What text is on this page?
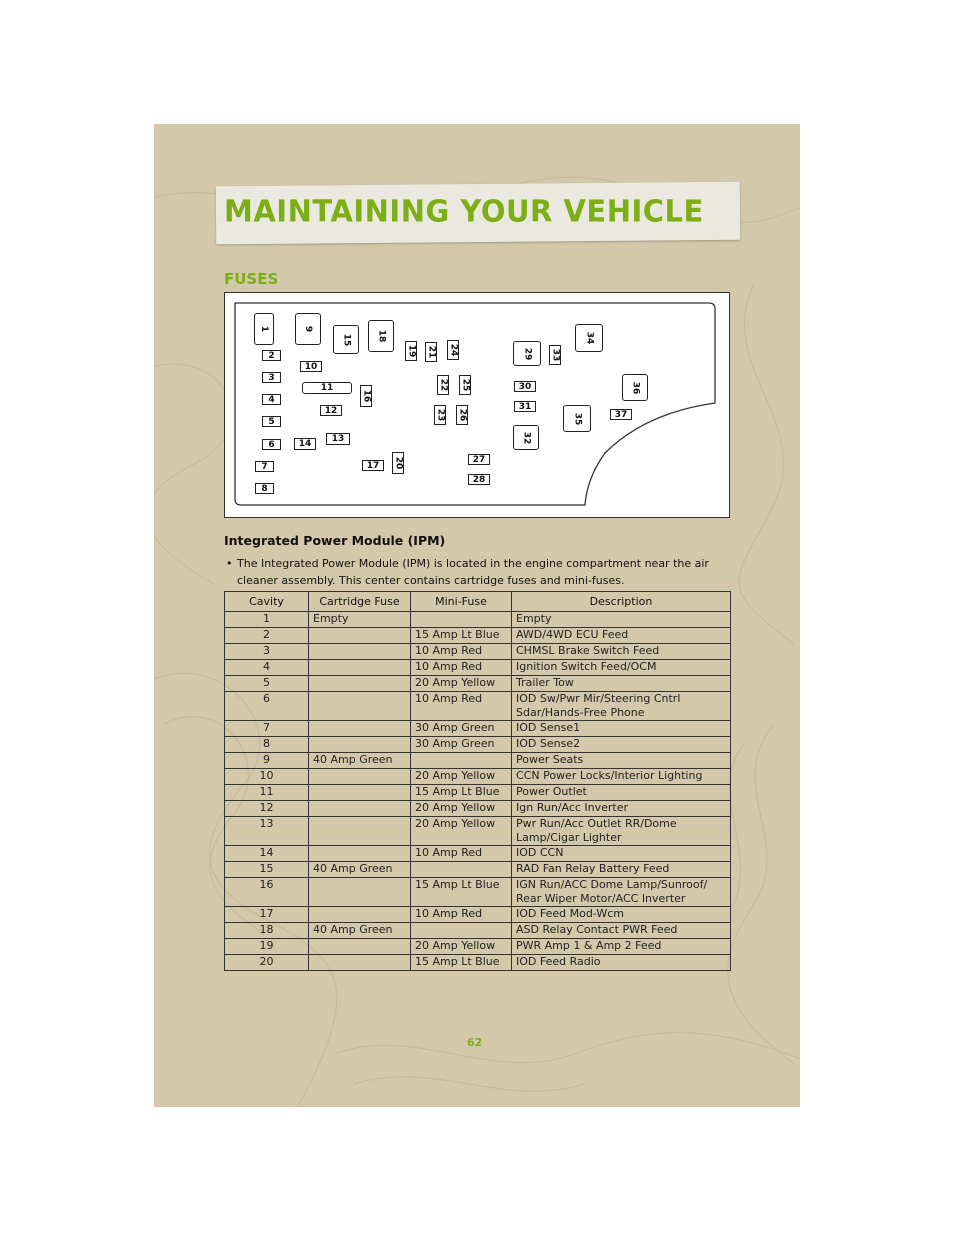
MAINTAINING YOUR VEHICLE
FUSES
1
2
3
4
5
6
7
8
9
10
11
12
13
14
15
16
17
18
19
20
21
22
23
24
25
26
27
28
29
30
31
32
33
34
35
36
37
Integrated Power Module (IPM)
• The Integrated Power Module (IPM) is located in the engine compartment near the air cleaner assembly. This center contains cartridge fuses and mini-fuses.
Cavity	Cartridge Fuse	Mini-Fuse	Description
1	Empty		Empty
2		15 Amp Lt Blue	AWD/4WD ECU Feed
3		10 Amp Red	CHMSL Brake Switch Feed
4		10 Amp Red	Ignition Switch Feed/OCM
5		20 Amp Yellow	Trailer Tow
6		10 Amp Red	IOD Sw/Pwr Mir/Steering Cntrl Sdar/Hands-Free Phone
7		30 Amp Green	IOD Sense1
8		30 Amp Green	IOD Sense2
9	40 Amp Green		Power Seats
10		20 Amp Yellow	CCN Power Locks/Interior Lighting
11		15 Amp Lt Blue	Power Outlet
12		20 Amp Yellow	Ign Run/Acc Inverter
13		20 Amp Yellow	Pwr Run/Acc Outlet RR/Dome Lamp/Cigar Lighter
14		10 Amp Red	IOD CCN
15	40 Amp Green		RAD Fan Relay Battery Feed
16		15 Amp Lt Blue	IGN Run/ACC Dome Lamp/Sunroof/ Rear Wiper Motor/ACC Inverter
17		10 Amp Red	IOD Feed Mod-Wcm
18	40 Amp Green		ASD Relay Contact PWR Feed
19		20 Amp Yellow	PWR Amp 1 & Amp 2 Feed
20		15 Amp Lt Blue	IOD Feed Radio
62
